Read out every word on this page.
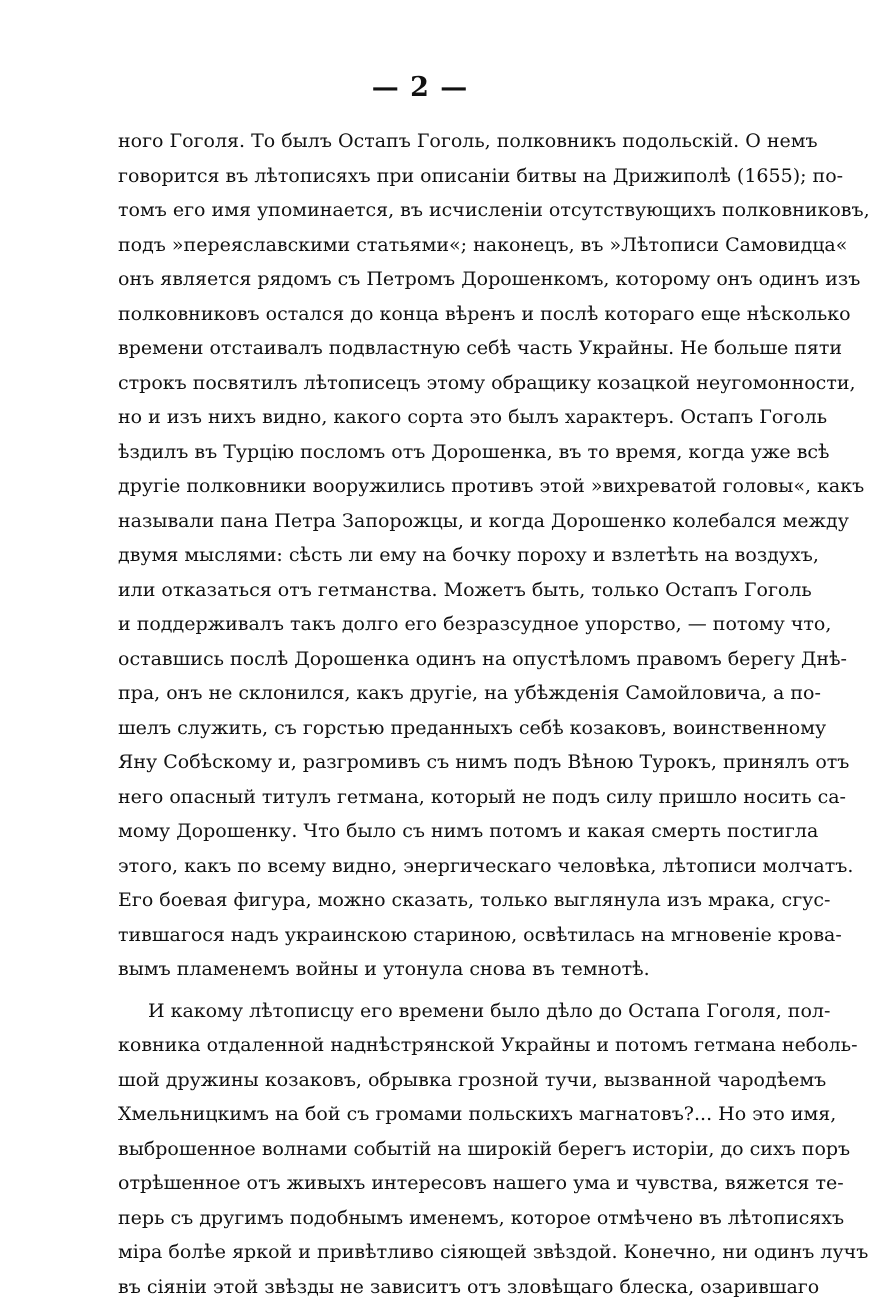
— 2 —
ного Гоголя. То былъ Остапъ Гоголь, полковникъ подольскій. О немъ
говорится въ лѣтописяхъ при описаніи битвы на Дрижиполѣ (1655); по-
томъ его имя упоминается, въ исчисленіи отсутствующихъ полковниковъ,
подъ »переяславскими статьями«; наконецъ, въ »Лѣтописи Самовидца«
онъ является рядомъ съ Петромъ Дорошенкомъ, которому онъ одинъ изъ
полковниковъ остался до конца вѣренъ и послѣ котораго еще нѣсколько
времени отстаивалъ подвластную себѣ часть Украйны. Не больше пяти
строкъ посвятилъ лѣтописецъ этому обращику козацкой неугомонности,
но и изъ нихъ видно, какого сорта это былъ характеръ. Остапъ Гоголь
ѣздилъ въ Турцію посломъ отъ Дорошенка, въ то время, когда уже всѣ
другіе полковники вооружились противъ этой »вихреватой головы«, какъ
называли пана Петра Запорожцы, и когда Дорошенко колебался между
двумя мыслями: сѣсть ли ему на бочку пороху и взлетѣть на воздухъ,
или отказаться отъ гетманства. Можетъ быть, только Остапъ Гоголь
и поддерживалъ такъ долго его безразсудное упорство, — потому что,
оставшись послѣ Дорошенка одинъ на опустѣломъ правомъ берегу Днѣ-
пра, онъ не склонился, какъ другіе, на убѣжденія Самойловича, а по-
шелъ служить, съ горстью преданныхъ себѣ козаковъ, воинственному
Яну Собѣскому и, разгромивъ съ нимъ подъ Вѣною Турокъ, принялъ отъ
него опасный титулъ гетмана, который не подъ силу пришло носить са-
мому Дорошенку. Что было съ нимъ потомъ и какая смерть постигла
этого, какъ по всему видно, энергическаго человѣка, лѣтописи молчатъ.
Его боевая фигура, можно сказать, только выглянула изъ мрака, сгус-
тившагося надъ украинскою стариною, освѣтилась на мгновеніе крова-
вымъ пламенемъ войны и утонула снова въ темнотѣ.
И какому лѣтописцу его времени было дѣло до Остапа Гоголя, пол-
ковника отдаленной наднѣстрянской Украйны и потомъ гетмана неболь-
шой дружины козаковъ, обрывка грозной тучи, вызванной чародѣемъ
Хмельницкимъ на бой съ громами польскихъ магнатовъ?... Но это имя,
выброшенное волнами событій на широкій берегъ исторіи, до сихъ поръ
отрѣшенное отъ живыхъ интересовъ нашего ума и чувства, вяжется те-
перь съ другимъ подобнымъ именемъ, которое отмѣчено въ лѣтописяхъ
міра болѣе яркой и привѣтливо сіяющей звѣздой. Конечно, ни одинъ лучъ
въ сіяніи этой звѣзды не зависитъ отъ зловѣщаго блеска, озарившаго
